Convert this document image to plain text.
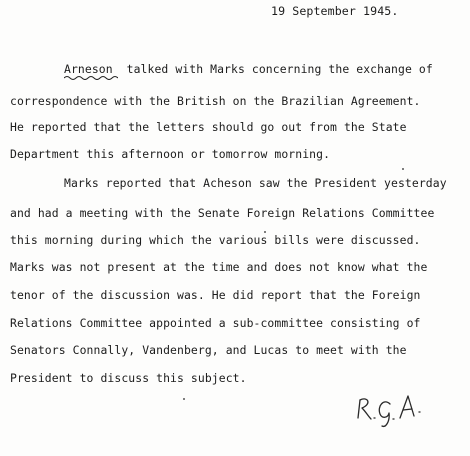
19 September 1945.
Arneson
talked with Marks concerning the exchange of
correspondence with the British on the Brazilian Agreement.
He reported that the letters should go out from the State
Department this afternoon or tomorrow morning.
Marks reported that Acheson saw the President yesterday
and had a meeting with the Senate Foreign Relations Committee
this morning during which the various bills were discussed.
Marks was not present at the time and does not know what the
tenor of the discussion was. He did report that the Foreign
Relations Committee appointed a sub-committee consisting of
Senators Connally, Vandenberg, and Lucas to meet with the
President to discuss this subject.
